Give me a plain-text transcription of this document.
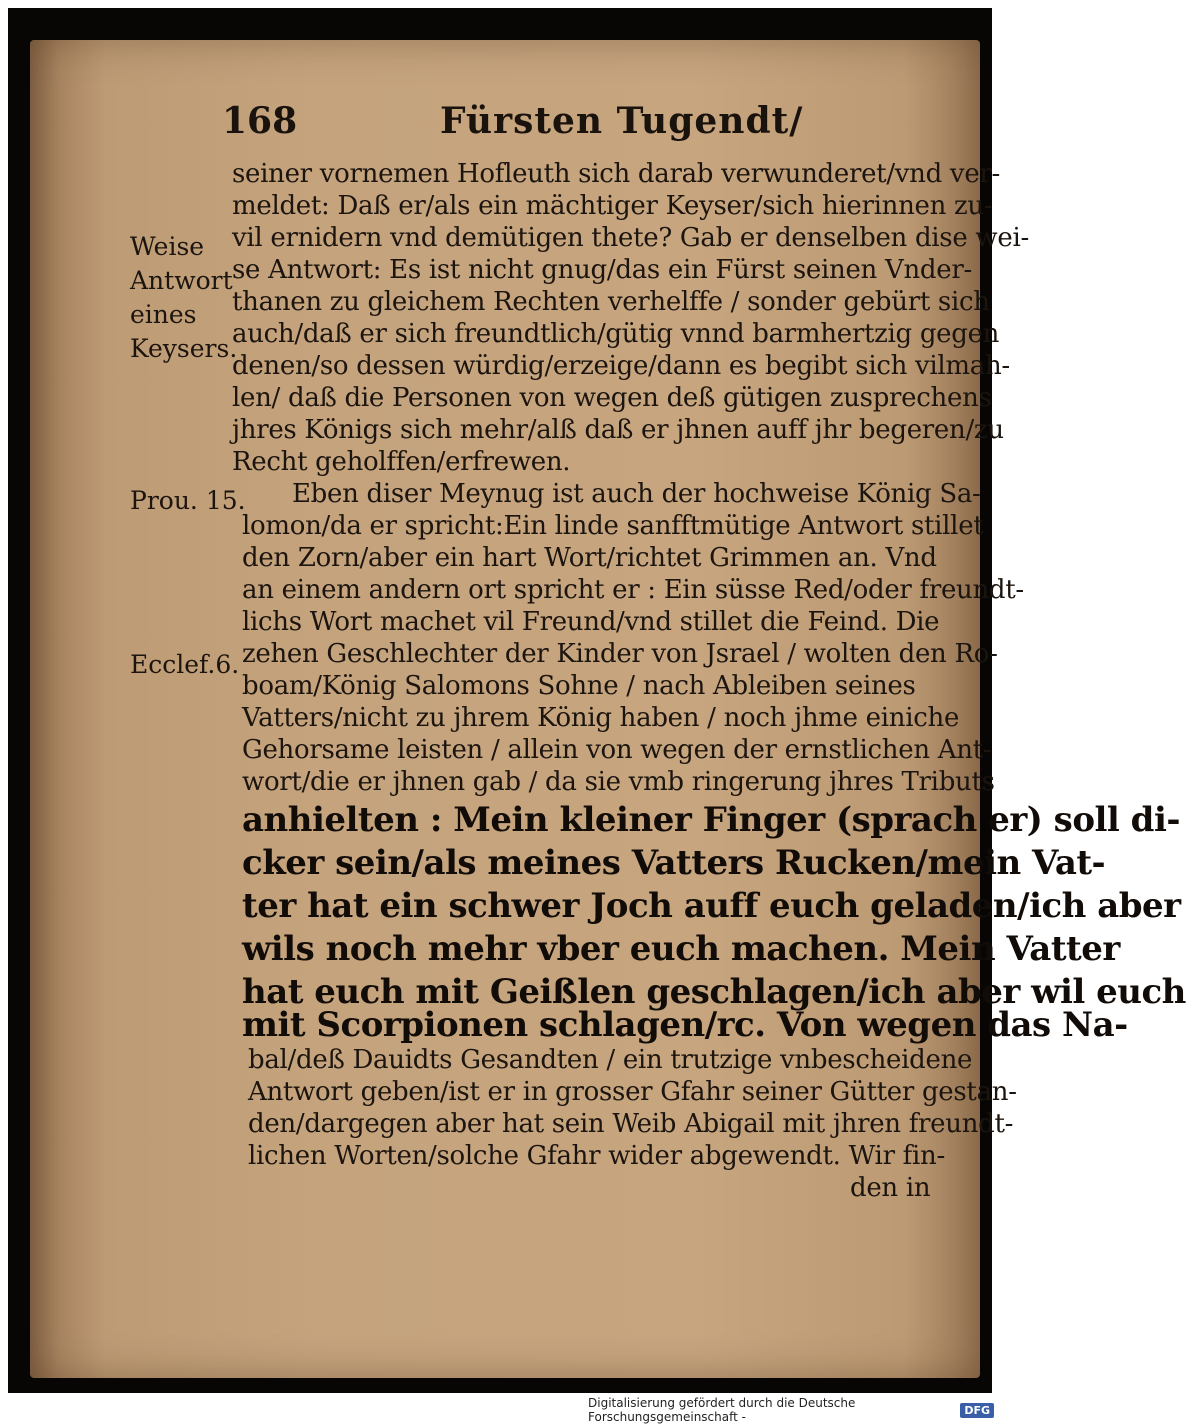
168	Fürsten Tugendt/
seiner vornemen Hofleuth sich darab verwunderet/vnd ver-
meldet: Daß er/als ein mächtiger Keyser/sich hierinnen zu-
vil ernidern vnd demütigen thete? Gab er denselben dise wei-
se Antwort: Es ist nicht gnug/das ein Fürst seinen Vnder-
thanen zu gleichem Rechten verhelffe / sonder gebürt sich
auch/daß er sich freundtlich/gütig vnnd barmhertzig gegen
denen/so dessen würdig/erzeige/dann es begibt sich vilmah-
len/ daß die Personen von wegen deß gütigen zusprechens
jhres Königs sich mehr/alß daß er jhnen auff jhr begeren/zu
Recht geholffen/erfrewen.
Eben diser Meynug ist auch der hochweise König Sa-
lomon/da er spricht:Ein linde sanfftmütige Antwort stillet
den Zorn/aber ein hart Wort/richtet Grimmen an. Vnd
an einem andern ort spricht er : Ein süsse Red/oder freundt-
lichs Wort machet vil Freund/vnd stillet die Feind. Die
zehen Geschlechter der Kinder von Jsrael / wolten den Ro-
boam/König Salomons Sohne / nach Ableiben seines
Vatters/nicht zu jhrem König haben / noch jhme einiche
Gehorsame leisten / allein von wegen der ernstlichen Ant-
wort/die er jhnen gab / da sie vmb ringerung jhres Tributs
anhielten : Mein kleiner Finger (sprach er) soll di-
cker sein/als meines Vatters Rucken/mein Vat-
ter hat ein schwer Joch auff euch geladen/ich aber
wils noch mehr vber euch machen. Mein Vatter
hat euch mit Geißlen geschlagen/ich aber wil euch
mit Scorpionen schlagen/rc. Von wegen das Na-
bal/deß Dauidts Gesandten / ein trutzige vnbescheidene
Antwort geben/ist er in grosser Gfahr seiner Gütter gestan-
den/dargegen aber hat sein Weib Abigail mit jhren freundt-
lichen Worten/solche Gfahr wider abgewendt. Wir fin-
den in
Weise
Antwort
eines
Keysers.
Prou. 15.
Ecclef.6.
Digitalisierung gefördert durch die Deutsche Forschungsgemeinschaft -	DFG
